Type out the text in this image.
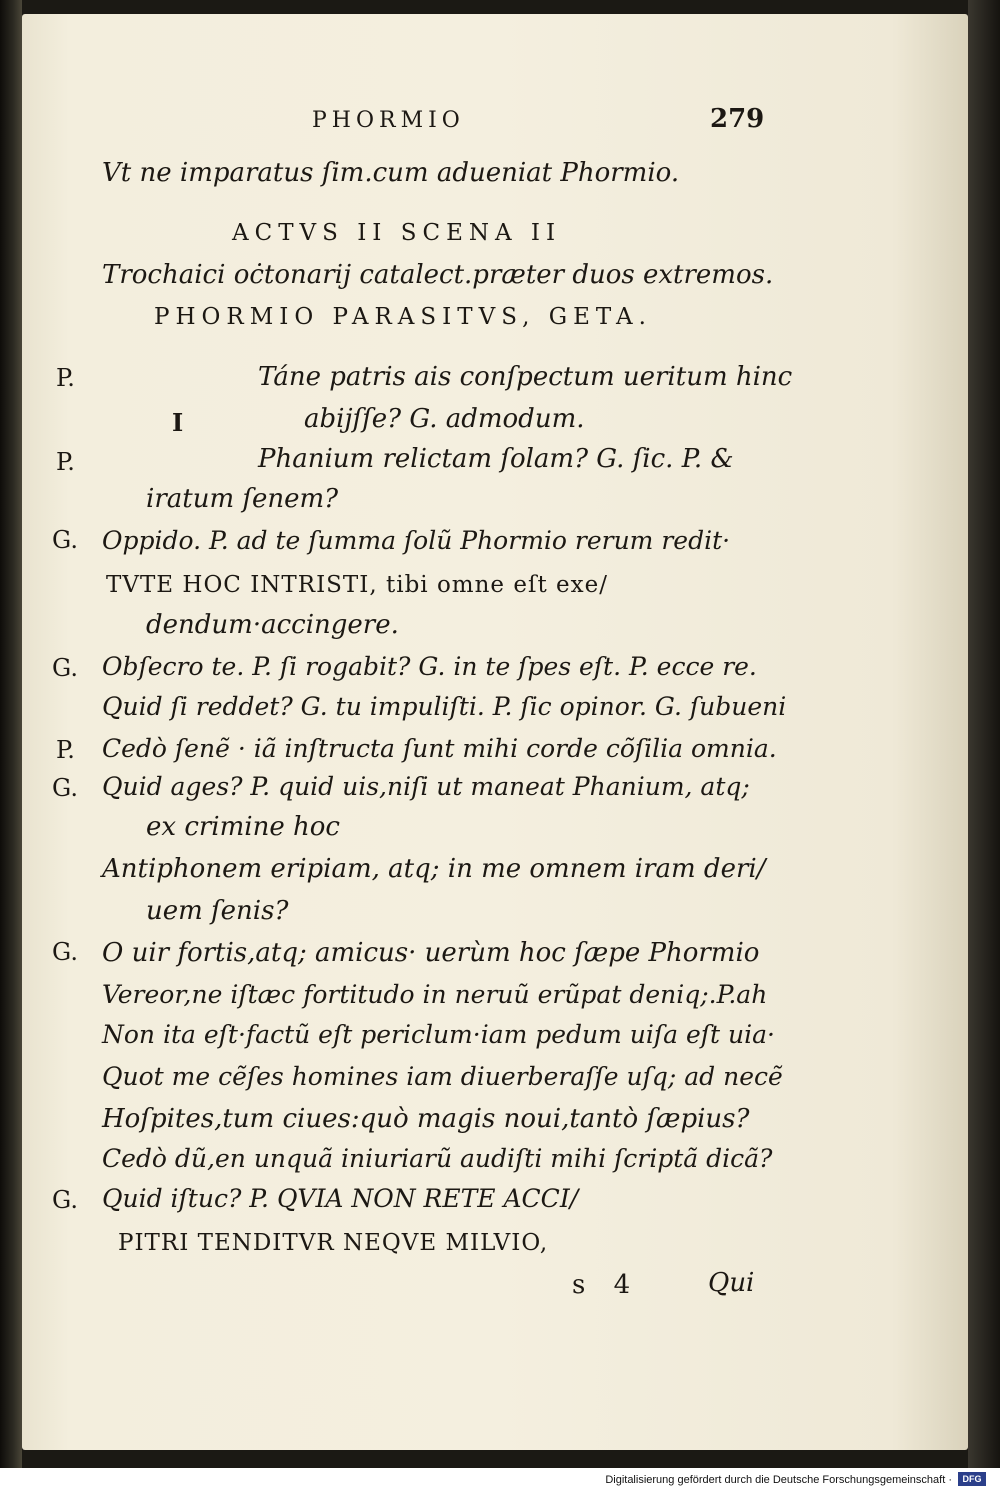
PHORMIO	279
Vt ne imparatus ſim.cum adueniat Phormio.
ACTVS II SCENA II
Trochaici oċtonarij catalect.præter duos extremos.
PHORMIO PARASITVS, GETA.
P.	Táne patris ais conſpectum ueritum hinc
I	abijſſe? G. admodum.
P.	Phanium relictam ſolam? G. ſic. P. &
iratum ſenem?
G. Oppido. P. ad te ſumma ſolũ Phormio rerum redit·
TVTE HOC INTRISTI, tibi omne eſt exe/
dendum·accingere.
G. Obſecro te. P. ſi rogabit? G. in te ſpes eſt. P. ecce re.
Quid ſi reddet? G. tu impuliſti. P. ſic opinor. G. ſubueni
P. Cedò ſenẽ · iã inſtructa ſunt mihi corde cõſilia omnia.
G. Quid ages? P. quid uis,niſi ut maneat Phanium, atq;
ex crimine hoc
Antiphonem eripiam, atq; in me omnem iram deri/
uem ſenis?
G. O uir fortis,atq; amicus· uerùm hoc ſæpe Phormio
Vereor,ne iſtæc fortitudo in neruũ erũpat deniq;.P.ah
Non ita eſt·factũ eſt periclum·iam pedum uiſa eſt uia·
Quot me cẽſes homines iam diuerberaſſe uſq; ad necẽ
Hoſpites,tum ciues:quò magis noui,tantò ſæpius?
Cedò dũ,en unquã iniuriarũ audiſti mihi ſcriptã dicã?
G. Quid iſtuc? P. QVIA NON RETE ACCI/
PITRI TENDITVR NEQVE MILVIO,
s 4	Qui
Digitalisierung gefördert durch die Deutsche Forschungsgemeinschaft ·	DFG
